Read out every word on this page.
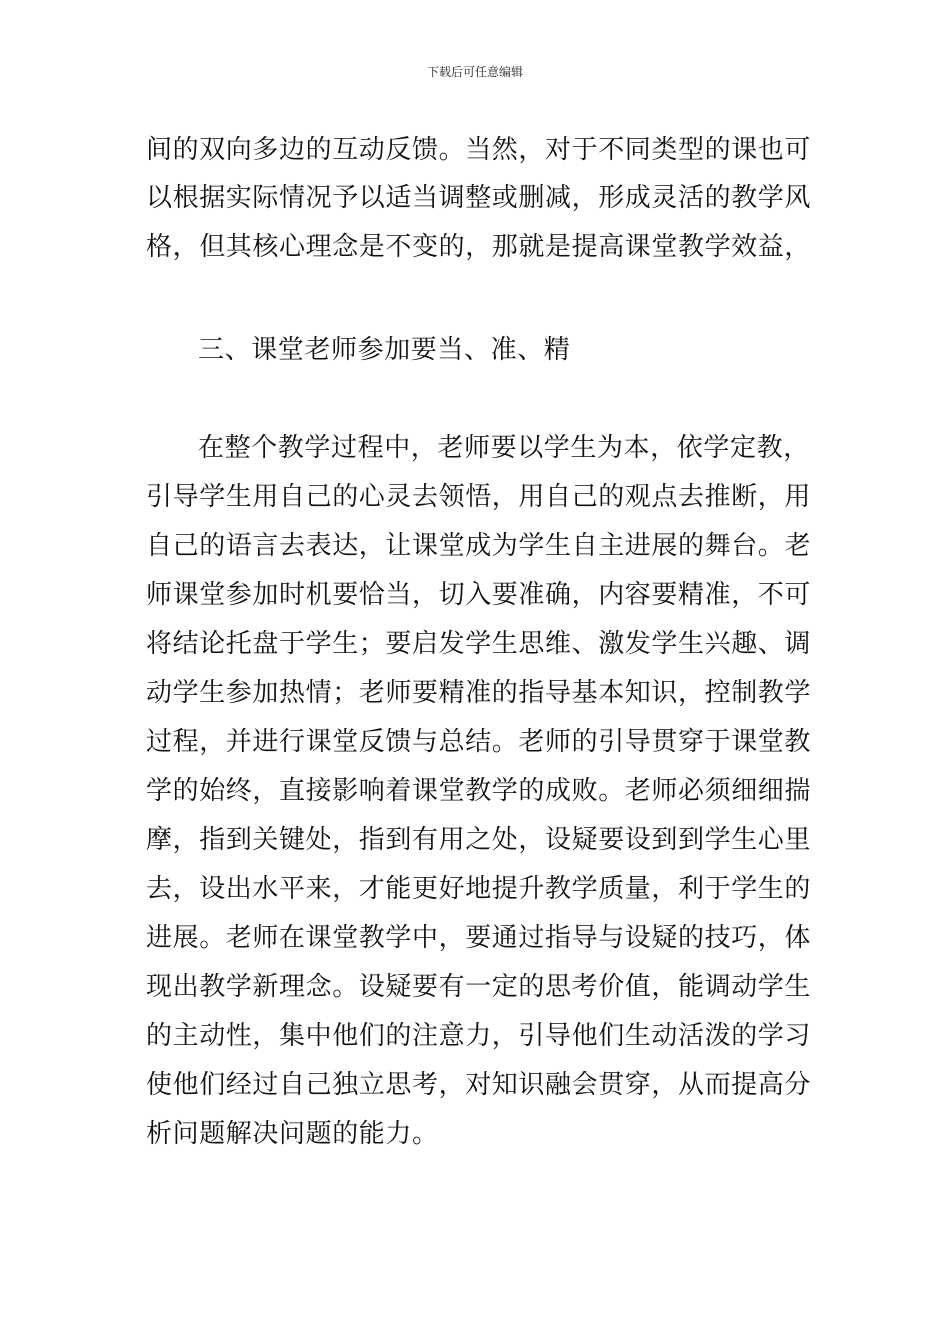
下载后可任意编辑
间的双向多边的互动反馈。当然，对于不同类型的课也可
以根据实际情况予以适当调整或删减，形成灵活的教学风
格，但其核心理念是不变的，那就是提高课堂教学效益，
三、课堂老师参加要当、准、精
在整个教学过程中，老师要以学生为本，依学定教，
引导学生用自己的心灵去领悟，用自己的观点去推断，用
自己的语言去表达，让课堂成为学生自主进展的舞台。老
师课堂参加时机要恰当，切入要准确，内容要精准，不可
将结论托盘于学生；要启发学生思维、激发学生兴趣、调
动学生参加热情；老师要精准的指导基本知识，控制教学
过程，并进行课堂反馈与总结。老师的引导贯穿于课堂教
学的始终，直接影响着课堂教学的成败。老师必须细细揣
摩，指到关键处，指到有用之处，设疑要设到到学生心里
去，设出水平来，才能更好地提升教学质量，利于学生的
进展。老师在课堂教学中，要通过指导与设疑的技巧，体
现出教学新理念。设疑要有一定的思考价值，能调动学生
的主动性，集中他们的注意力，引导他们生动活泼的学习
使他们经过自己独立思考，对知识融会贯穿，从而提高分
析问题解决问题的能力。
